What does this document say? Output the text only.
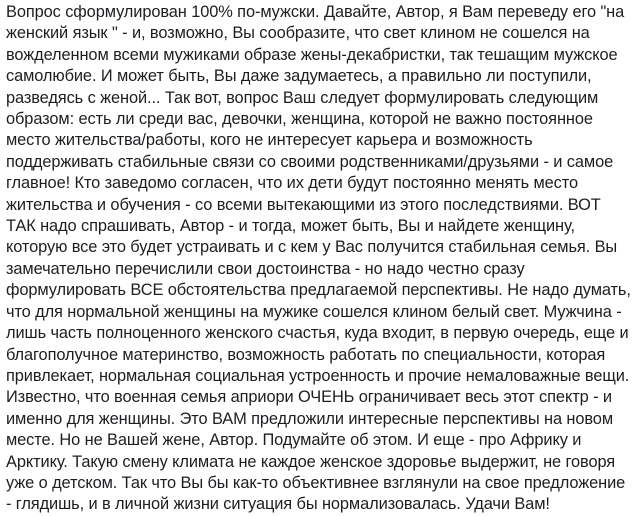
Вопрос сформулирован 100% по-мужски. Давайте, Автор, я Вам переведу его "на
женский язык " - и, возможно, Вы сообразите, что свет клином не сошелся на
вожделенном всеми мужиками образе жены-декабристки, так тешащим мужское
самолюбие. И может быть, Вы даже задумаетесь, а правильно ли поступили,
разведясь с женой... Так вот, вопрос Ваш следует формулировать следующим
образом: есть ли среди вас, девочки, женщина, которой не важно постоянное
место жительства/работы, кого не интересует карьера и возможность
поддерживать стабильные связи со своими родственниками/друзьями - и самое
главное! Кто заведомо согласен, что их дети будут постоянно менять место
жительства и обучения - со всеми вытекающими из этого последствиями. ВОТ
ТАК надо спрашивать, Автор - и тогда, может быть, Вы и найдете женщину,
которую все это будет устраивать и с кем у Вас получится стабильная семья. Вы
замечательно перечислили свои достоинства - но надо честно сразу
формулировать ВСЕ обстоятельства предлагаемой перспективы. Не надо думать,
что для нормальной женщины на мужике сошелся клином белый свет. Мужчина -
лишь часть полноценного женского счастья, куда входит, в первую очередь, еще и
благополучное материнство, возможность работать по специальности, которая
привлекает, нормальная социальная устроенность и прочие немаловажные вещи.
Известно, что военная семья априори ОЧЕНЬ ограничивает весь этот спектр - и
именно для женщины. Это ВАМ предложили интересные перспективы на новом
месте. Но не Вашей жене, Автор. Подумайте об этом. И еще - про Африку и
Арктику. Такую смену климата не каждое женское здоровье выдержит, не говоря
уже о детском. Так что Вы бы как-то объективнее взглянули на свое предложение
- глядишь, и в личной жизни ситуация бы нормализовалась. Удачи Вам!
